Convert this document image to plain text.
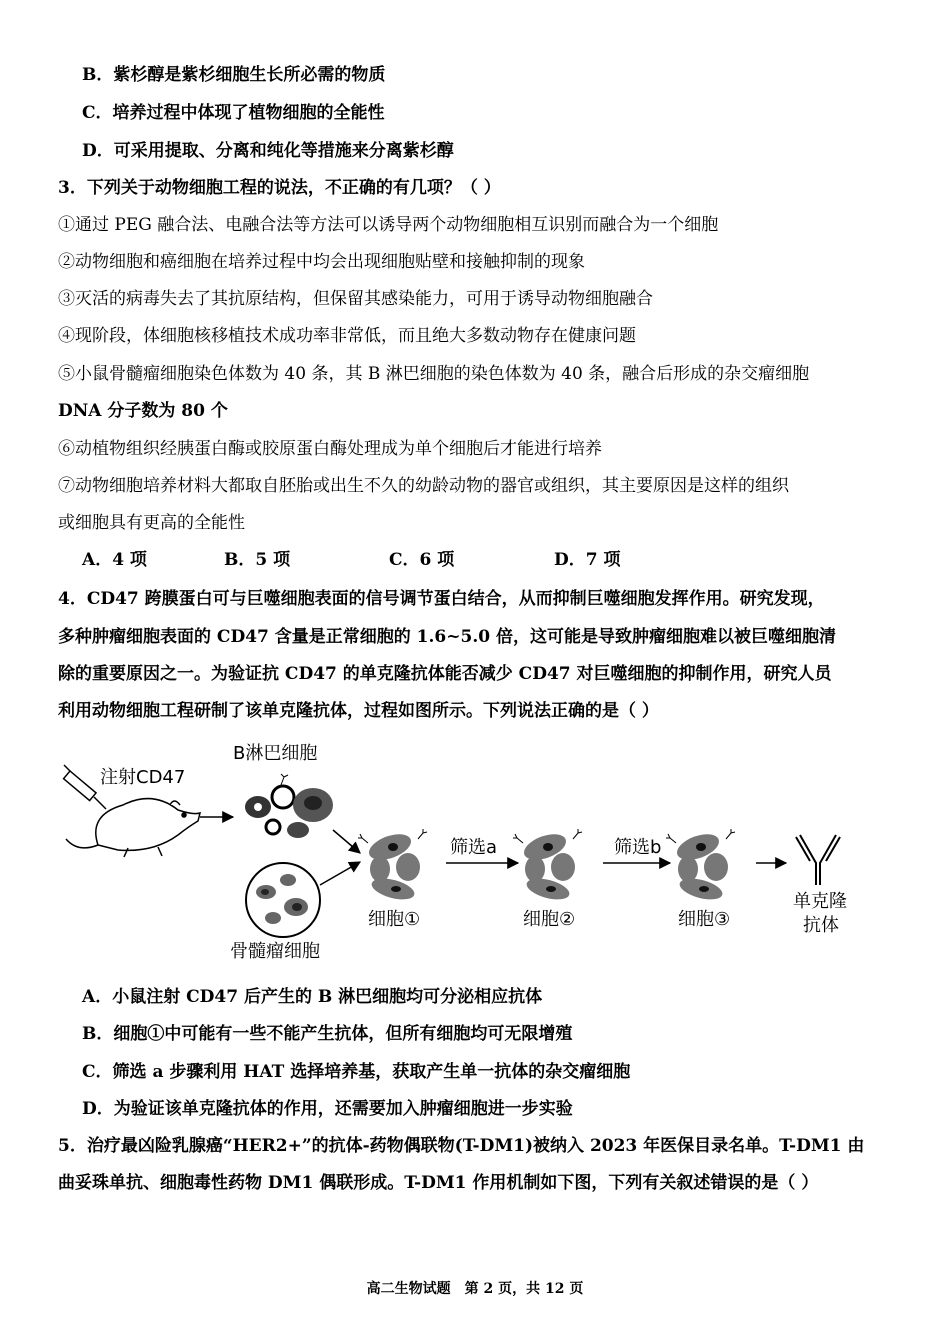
B．紫杉醇是紫杉细胞生长所必需的物质
C．培养过程中体现了植物细胞的全能性
D．可采用提取、分离和纯化等措施来分离紫杉醇
3．下列关于动物细胞工程的说法，不正确的有几项？（ ）
①通过 PEG 融合法、电融合法等方法可以诱导两个动物细胞相互识别而融合为一个细胞
②动物细胞和癌细胞在培养过程中均会出现细胞贴壁和接触抑制的现象
③灭活的病毒失去了其抗原结构，但保留其感染能力，可用于诱导动物细胞融合
④现阶段，体细胞核移植技术成功率非常低，而且绝大多数动物存在健康问题
⑤小鼠骨髓瘤细胞染色体数为 40 条，其 B 淋巴细胞的染色体数为 40 条，融合后形成的杂交瘤细胞
DNA 分子数为 80 个
⑥动植物组织经胰蛋白酶或胶原蛋白酶处理成为单个细胞后才能进行培养
⑦动物细胞培养材料大都取自胚胎或出生不久的幼龄动物的器官或组织，其主要原因是这样的组织
或细胞具有更高的全能性
A．4 项	B．5 项	C．6 项	D．7 项
4．CD47 跨膜蛋白可与巨噬细胞表面的信号调节蛋白结合，从而抑制巨噬细胞发挥作用。研究发现，
多种肿瘤细胞表面的 CD47 含量是正常细胞的 1.6~5.0 倍，这可能是导致肿瘤细胞难以被巨噬细胞清
除的重要原因之一。为验证抗 CD47 的单克隆抗体能否减少 CD47 对巨噬细胞的抑制作用，研究人员
利用动物细胞工程研制了该单克隆抗体，过程如图所示。下列说法正确的是（ ）
注射CD47
B淋巴细胞
骨髓瘤细胞
细胞①
筛选a
细胞②
筛选b
细胞③
单克隆
抗体
A．小鼠注射 CD47 后产生的 B 淋巴细胞均可分泌相应抗体
B．细胞①中可能有一些不能产生抗体，但所有细胞均可无限增殖
C．筛选 a 步骤利用 HAT 选择培养基，获取产生单一抗体的杂交瘤细胞
D．为验证该单克隆抗体的作用，还需要加入肿瘤细胞进一步实验
5．治疗最凶险乳腺癌“HER2+”的抗体-药物偶联物(T-DM1)被纳入 2023 年医保目录名单。T-DM1 由
曲妥珠单抗、细胞毒性药物 DM1 偶联形成。T-DM1 作用机制如下图，下列有关叙述错误的是（ ）
高二生物试题　第 2 页，共 12 页
